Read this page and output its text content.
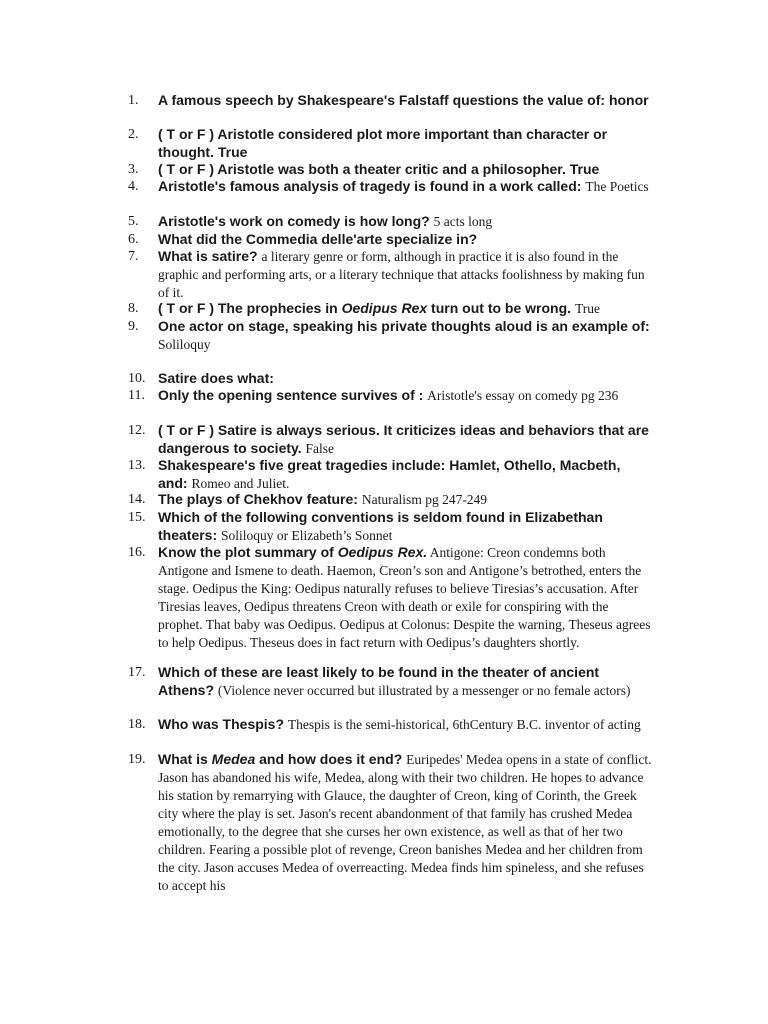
1.	A famous speech by Shakespeare's Falstaff questions the value of: honor
2.	( T or F ) Aristotle considered plot more important than character or thought. True
3.	( T or F ) Aristotle was both a theater critic and a philosopher. True
4.	Aristotle's famous analysis of tragedy is found in a work called: The Poetics
5.	Aristotle's work on comedy is how long? 5 acts long
6.	What did the Commedia delle'arte specialize in?
7.	What is satire? a literary genre or form, although in practice it is also found in the graphic and performing arts, or a literary technique that attacks foolishness by making fun of it.
8.	( T or F ) The prophecies in Oedipus Rex turn out to be wrong. True
9.	One actor on stage, speaking his private thoughts aloud is an example of: Soliloquy
10. Satire does what:
11. Only the opening sentence survives of : Aristotle's essay on comedy pg 236
12. ( T or F ) Satire is always serious. It criticizes ideas and behaviors that are dangerous to society. False
13. Shakespeare's five great tragedies include: Hamlet, Othello, Macbeth, and: Romeo and Juliet.
14. The plays of Chekhov feature: Naturalism pg 247-249
15. Which of the following conventions is seldom found in Elizabethan theaters: Soliloquy or Elizabeth’s Sonnet
16. Know the plot summary of Oedipus Rex. Antigone: Creon condemns both Antigone and Ismene to death. Haemon, Creon’s son and Antigone’s betrothed, enters the stage. Oedipus the King: Oedipus naturally refuses to believe Tiresias’s accusation. After Tiresias leaves, Oedipus threatens Creon with death or exile for conspiring with the prophet. That baby was Oedipus. Oedipus at Colonus: Despite the warning, Theseus agrees to help Oedipus. Theseus does in fact return with Oedipus’s daughters shortly.
17. Which of these are least likely to be found in the theater of ancient Athens? (Violence never occurred but illustrated by a messenger or no female actors)
18. Who was Thespis? Thespis is the semi-historical, 6thCentury B.C. inventor of acting
19. What is Medea and how does it end? Euripedes' Medea opens in a state of conflict. Jason has abandoned his wife, Medea, along with their two children. He hopes to advance his station by remarrying with Glauce, the daughter of Creon, king of Corinth, the Greek city where the play is set. Jason's recent abandonment of that family has crushed Medea emotionally, to the degree that she curses her own existence, as well as that of her two children. Fearing a possible plot of revenge, Creon banishes Medea and her children from the city. Jason accuses Medea of overreacting. Medea finds him spineless, and she refuses to accept his
